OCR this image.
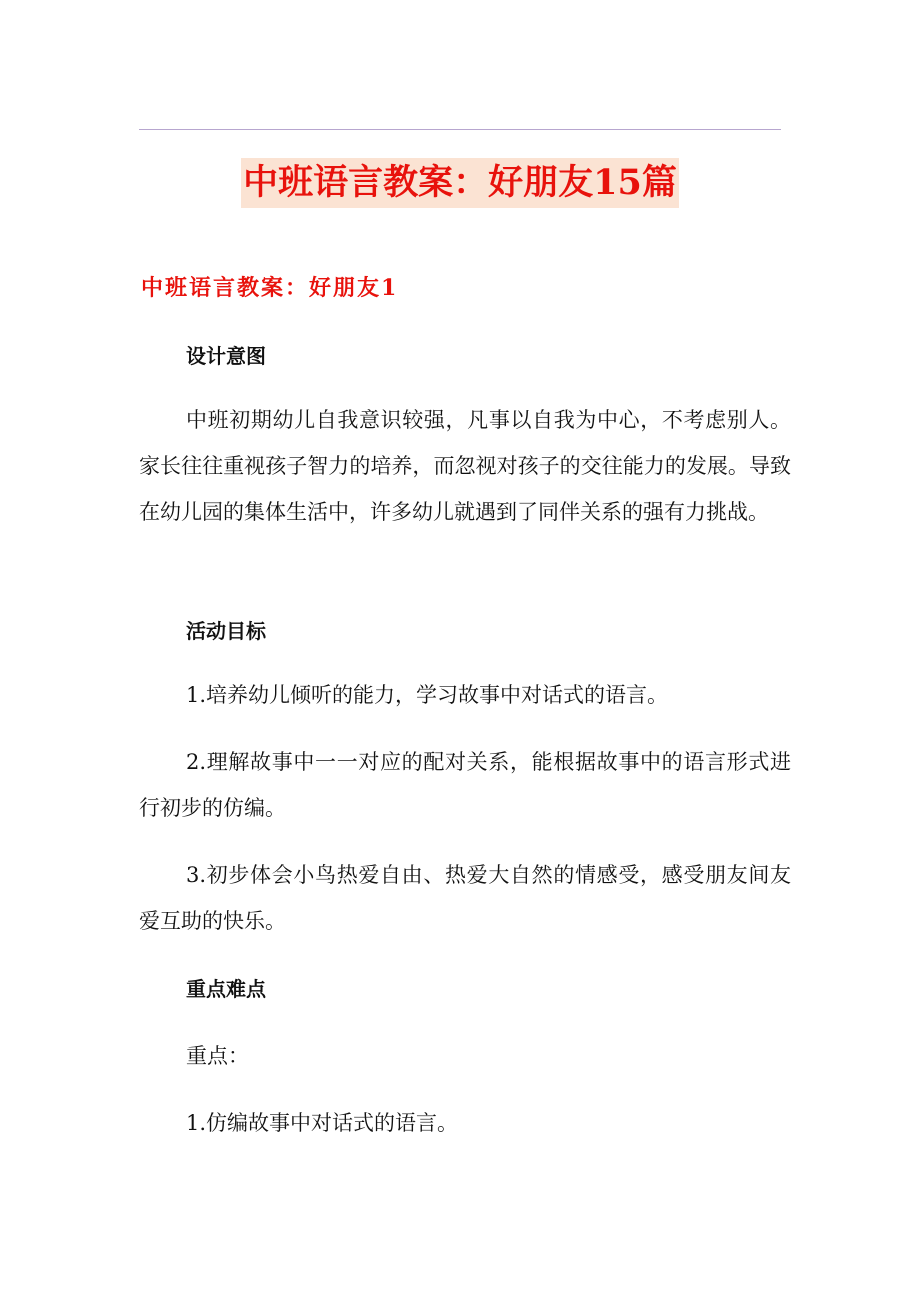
中班语言教案：好朋友15篇
中班语言教案：好朋友1
设计意图
中班初期幼儿自我意识较强，凡事以自我为中心，不考虑别人。家长往往重视孩子智力的培养，而忽视对孩子的交往能力的发展。导致在幼儿园的集体生活中，许多幼儿就遇到了同伴关系的强有力挑战。
活动目标
1.培养幼儿倾听的能力，学习故事中对话式的语言。
2.理解故事中一一对应的配对关系，能根据故事中的语言形式进行初步的仿编。
3.初步体会小鸟热爱自由、热爱大自然的情感受，感受朋友间友爱互助的快乐。
重点难点
重点：
1.仿编故事中对话式的语言。
